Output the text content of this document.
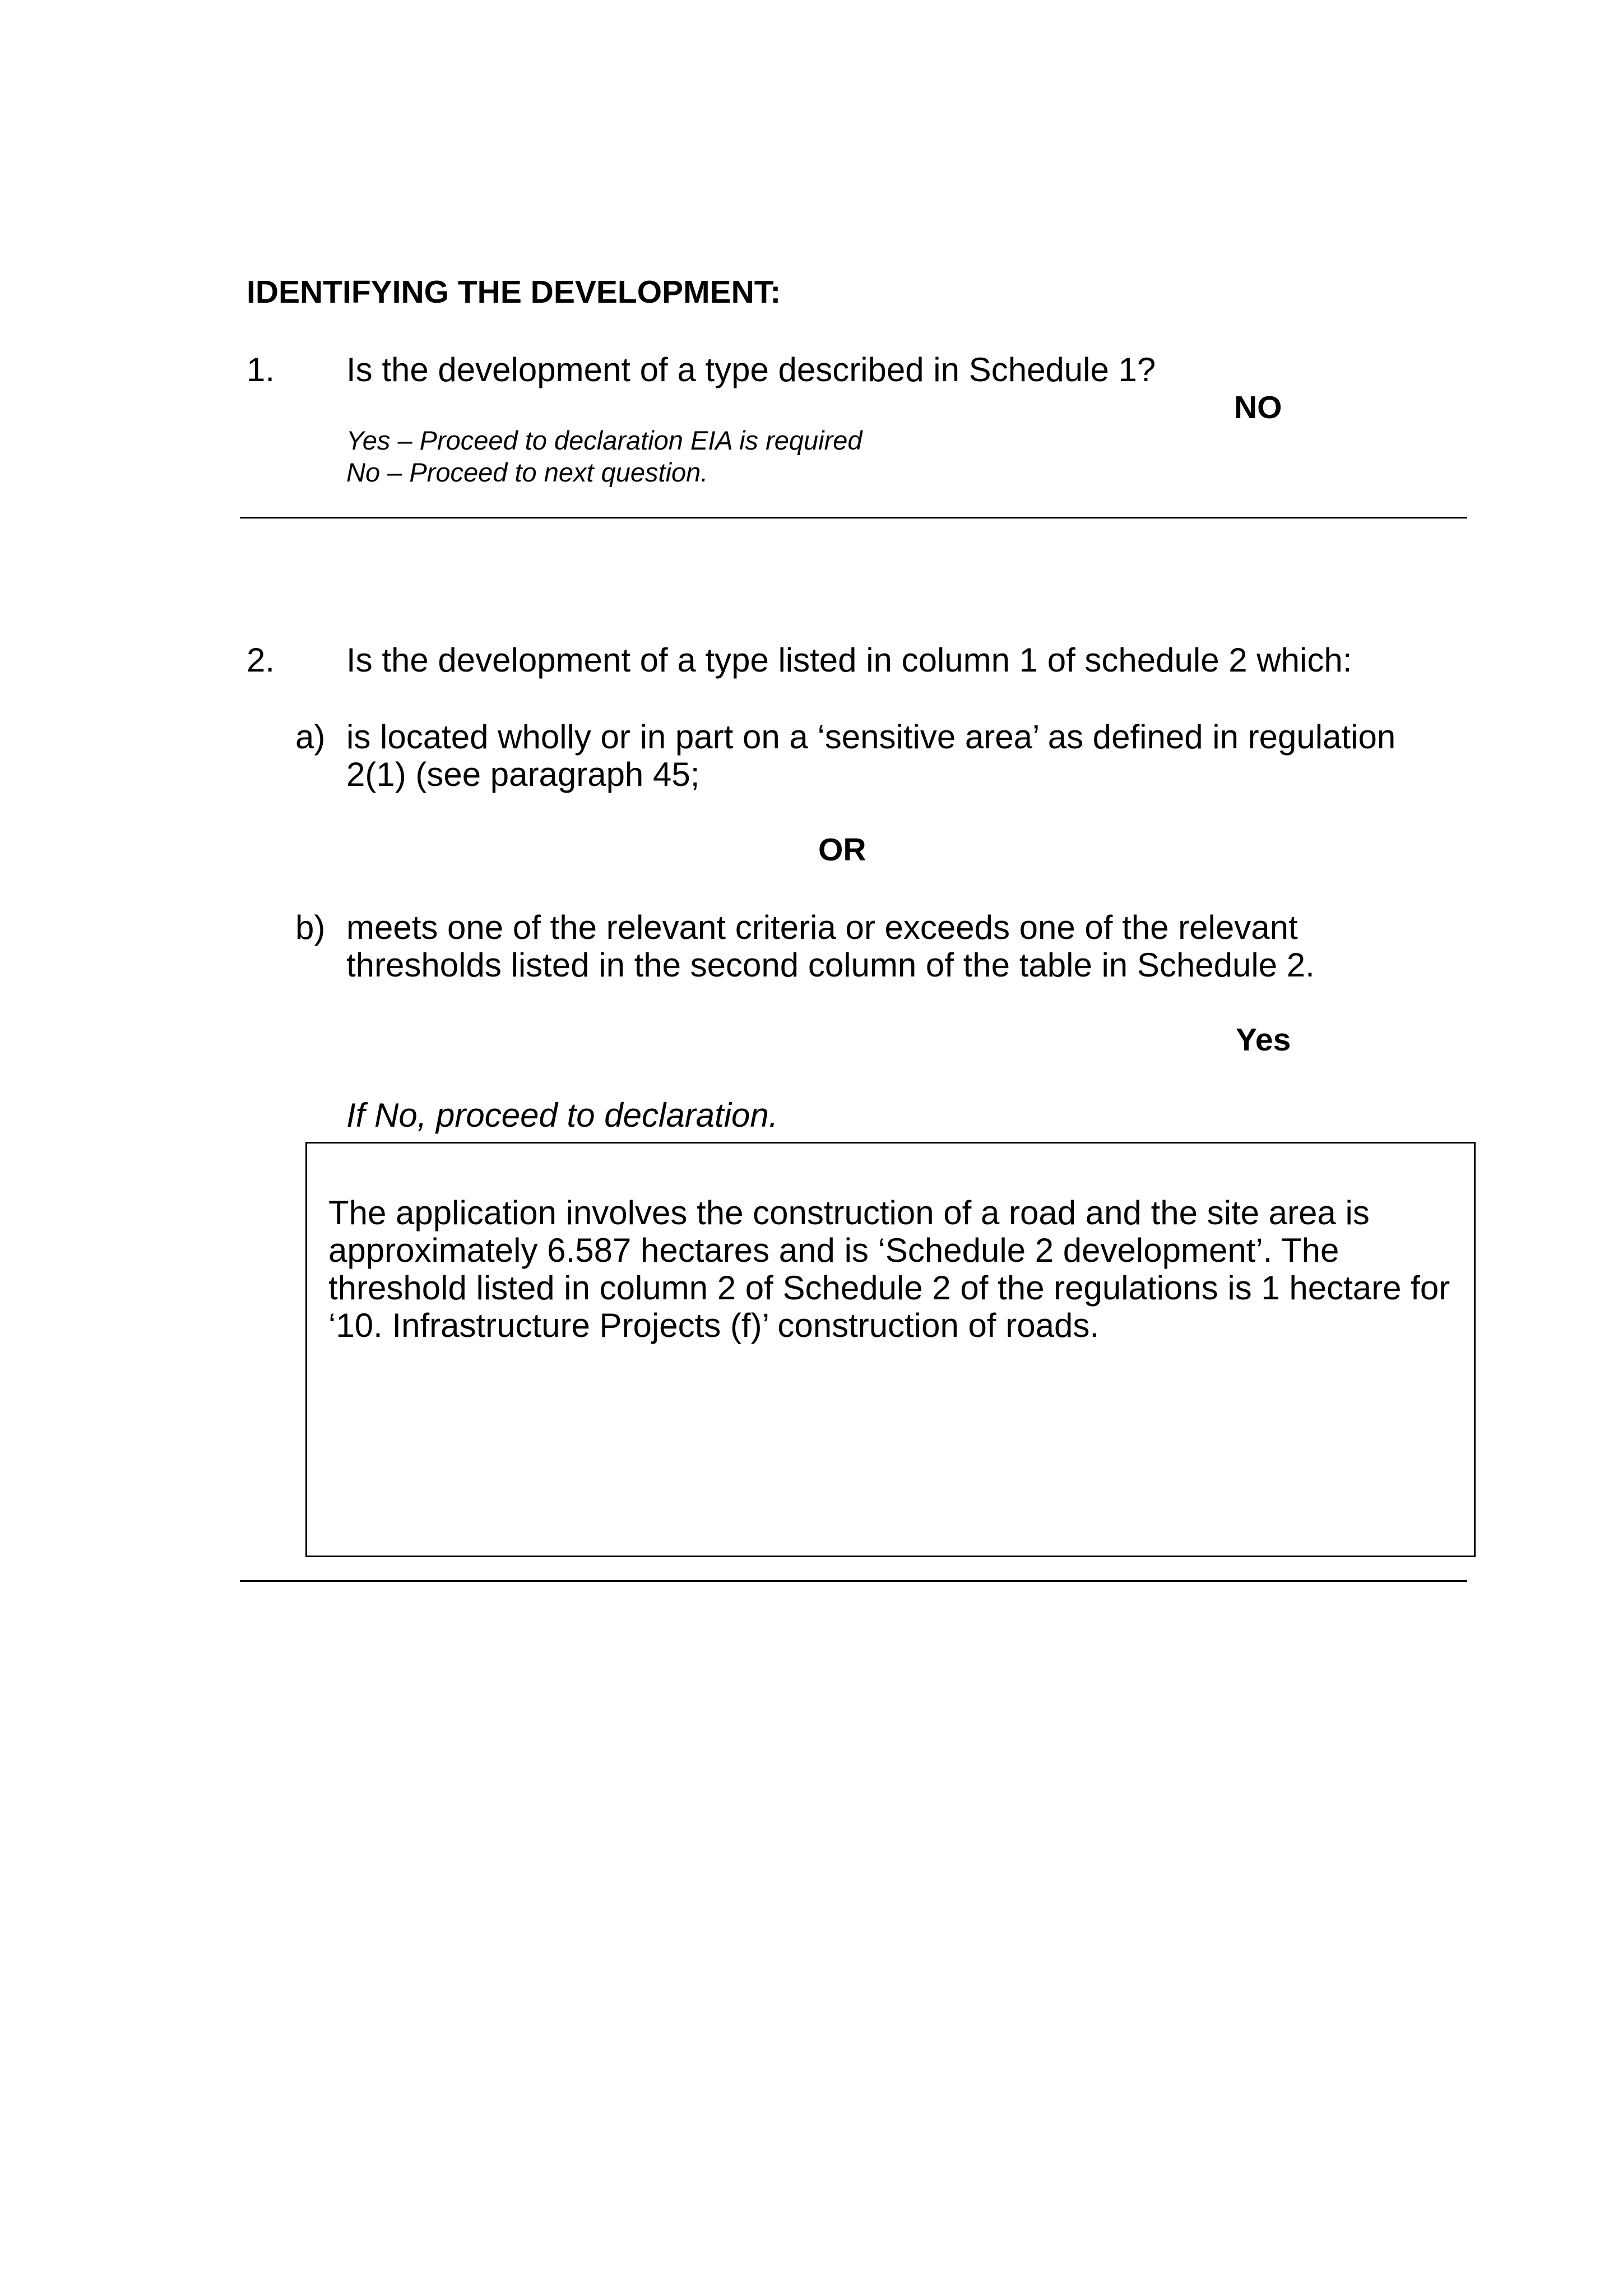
IDENTIFYING THE DEVELOPMENT:
1. Is the development of a type described in Schedule 1?
NO
Yes – Proceed to declaration EIA is required
No – Proceed to next question.
2. Is the development of a type listed in column 1 of schedule 2 which:
a) is located wholly or in part on a ‘sensitive area’ as defined in regulation
2(1) (see paragraph 45;
OR
b) meets one of the relevant criteria or exceeds one of the relevant
thresholds listed in the second column of the table in Schedule 2.
Yes
If No, proceed to declaration.
The application involves the construction of a road and the site area is
approximately 6.587 hectares and is ‘Schedule 2 development’. The
threshold listed in column 2 of Schedule 2 of the regulations is 1 hectare for
‘10. Infrastructure Projects (f)’ construction of roads.
